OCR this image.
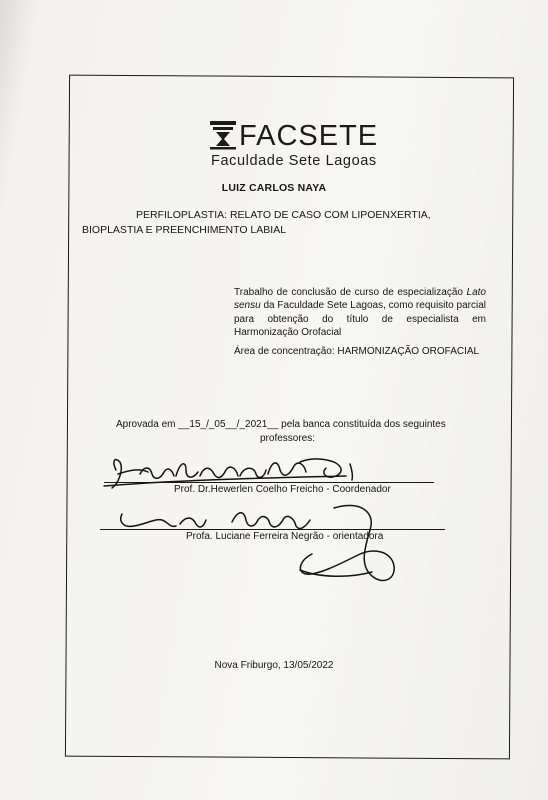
FACSETE
Faculdade Sete Lagoas
LUIZ CARLOS NAYA
PERFILOPLASTIA: RELATO DE CASO COM LIPOENXERTIA,
BIOPLASTIA E PREENCHIMENTO LABIAL
Trabalho de conclusão de curso de especialização Lato sensu da Faculdade Sete Lagoas, como requisito parcial para obtenção do título de especialista em Harmonização Orofacial
Área de concentração: HARMONIZAÇÃO OROFACIAL
Aprovada em __15_/_05__/_2021__ pela banca constituída dos seguintes
professores:
Prof. Dr.Hewerlen Coelho Freicho - Coordenador
Profa. Luciane Ferreira Negrão - orientadora
Nova Friburgo, 13/05/2022
